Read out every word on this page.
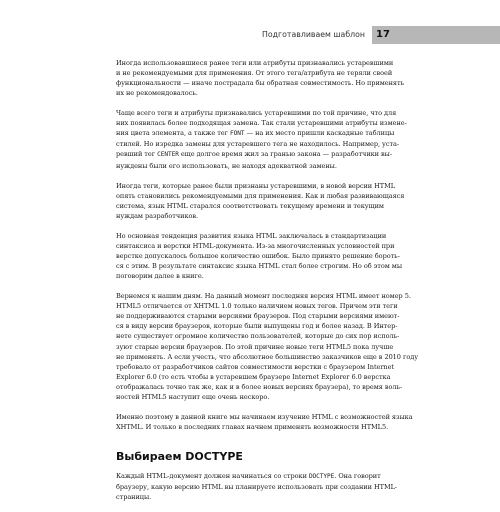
Подготавливаем шаблон	17

Иногда использовавшиеся ранее теги или атрибуты признавались устаревшими
и не рекомендуемыми для применения. От этого тега/атрибута не теряли своей
функциональности — иначе пострадала бы обратная совместимость. Но применять
их не рекомендовалось.

Чаще всего теги и атрибуты признавались устаревшими по той причине, что для
них появилась более подходящая замена. Так стали устаревшими атрибуты измене-
ния цвета элемента, а также тег FONT — на их место пришли каскадные таблицы
стилей. Но изредка замены для устаревшего тега не находилось. Например, уста-
ревший тег CENTER еще долгое время жил за гранью закона — разработчики вы-
нуждены были его использовать, не находя адекватной замены.

Иногда теги, которые ранее были признаны устаревшими, в новой версии HTML
опять становились рекомендуемыми для применения. Как и любая развивающаяся
система, язык HTML старался соответствовать текущему времени и текущим
нуждам разработчиков.

Но основная тенденция развития языка HTML заключалась в стандартизации
синтаксиса и верстки HTML-документа. Из-за многочисленных условностей при
верстке допускалось большое количество ошибок. Было принято решение бороть-
ся с этим. В результате синтаксис языка HTML стал более строгим. Но об этом мы
поговорим далее в книге.

Вернемся к нашим дням. На данный момент последняя версия HTML имеет номер 5.
HTML5 отличается от XHTML 1.0 только наличием новых тегов. Причем эти теги
не поддерживаются старыми версиями браузеров. Под старыми версиями имеют-
ся в виду версии браузеров, которые были выпущены год и более назад. В Интер-
нете существует огромное количество пользователей, которые до сих пор исполь-
зуют старые версии браузеров. По этой причине новые теги HTML5 пока лучше
не применять. А если учесть, что абсолютное большинство заказчиков еще в 2010 году
требовало от разработчиков сайтов совместимости верстки с браузером Internet
Explorer 6.0 (то есть чтобы в устаревшем браузере Internet Explorer 6.0 верстка
отображалась точно так же, как и в более новых версиях браузера), то время воль-
ностей HTML5 наступит еще очень нескоро.

Именно поэтому в данной книге мы начинаем изучение HTML с возможностей языка
XHTML. И только в последних главах начнем применять возможности HTML5.

Выбираем DOCTYPE

Каждый HTML-документ должен начинаться со строки DOCTYPE. Она говорит
браузеру, какую версию HTML вы планируете использовать при создании HTML-
страницы.
